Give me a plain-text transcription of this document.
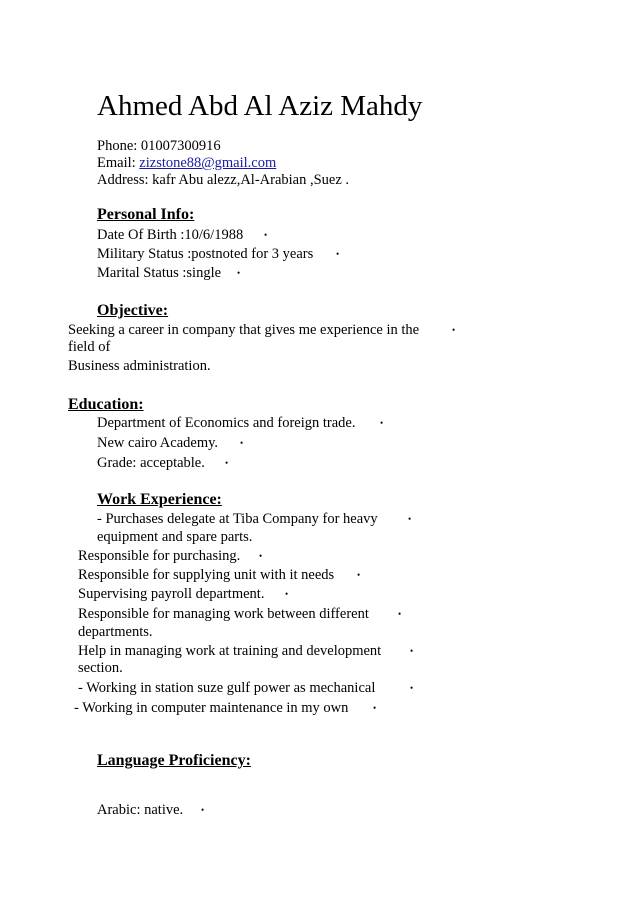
Ahmed Abd Al Aziz Mahdy
Phone: 01007300916
Email: zizstone88@gmail.com
Address: kafr Abu alezz,Al-Arabian ,Suez .
Personal Info:
Date Of Birth :10/6/1988 •
Military Status :postnoted for 3 years	•
Marital Status :single •
Objective:
Seeking a career in company that gives me experience in the	•
field of
Business administration.
Education:
Department of Economics and foreign trade.	•
New cairo Academy. •
Grade: acceptable. •
Work Experience:
- Purchases delegate at Tiba Company for heavy	•
equipment and spare parts.
Responsible for purchasing. •
Responsible for supplying unit with it needs	•
Supervising payroll department. •
Responsible for managing work between different	•
departments.
Help in managing work at training and development	•
section.
- Working in station suze gulf power as mechanical	•
- Working in computer maintenance in my own	•
Language Proficiency:
Arabic: native. •
